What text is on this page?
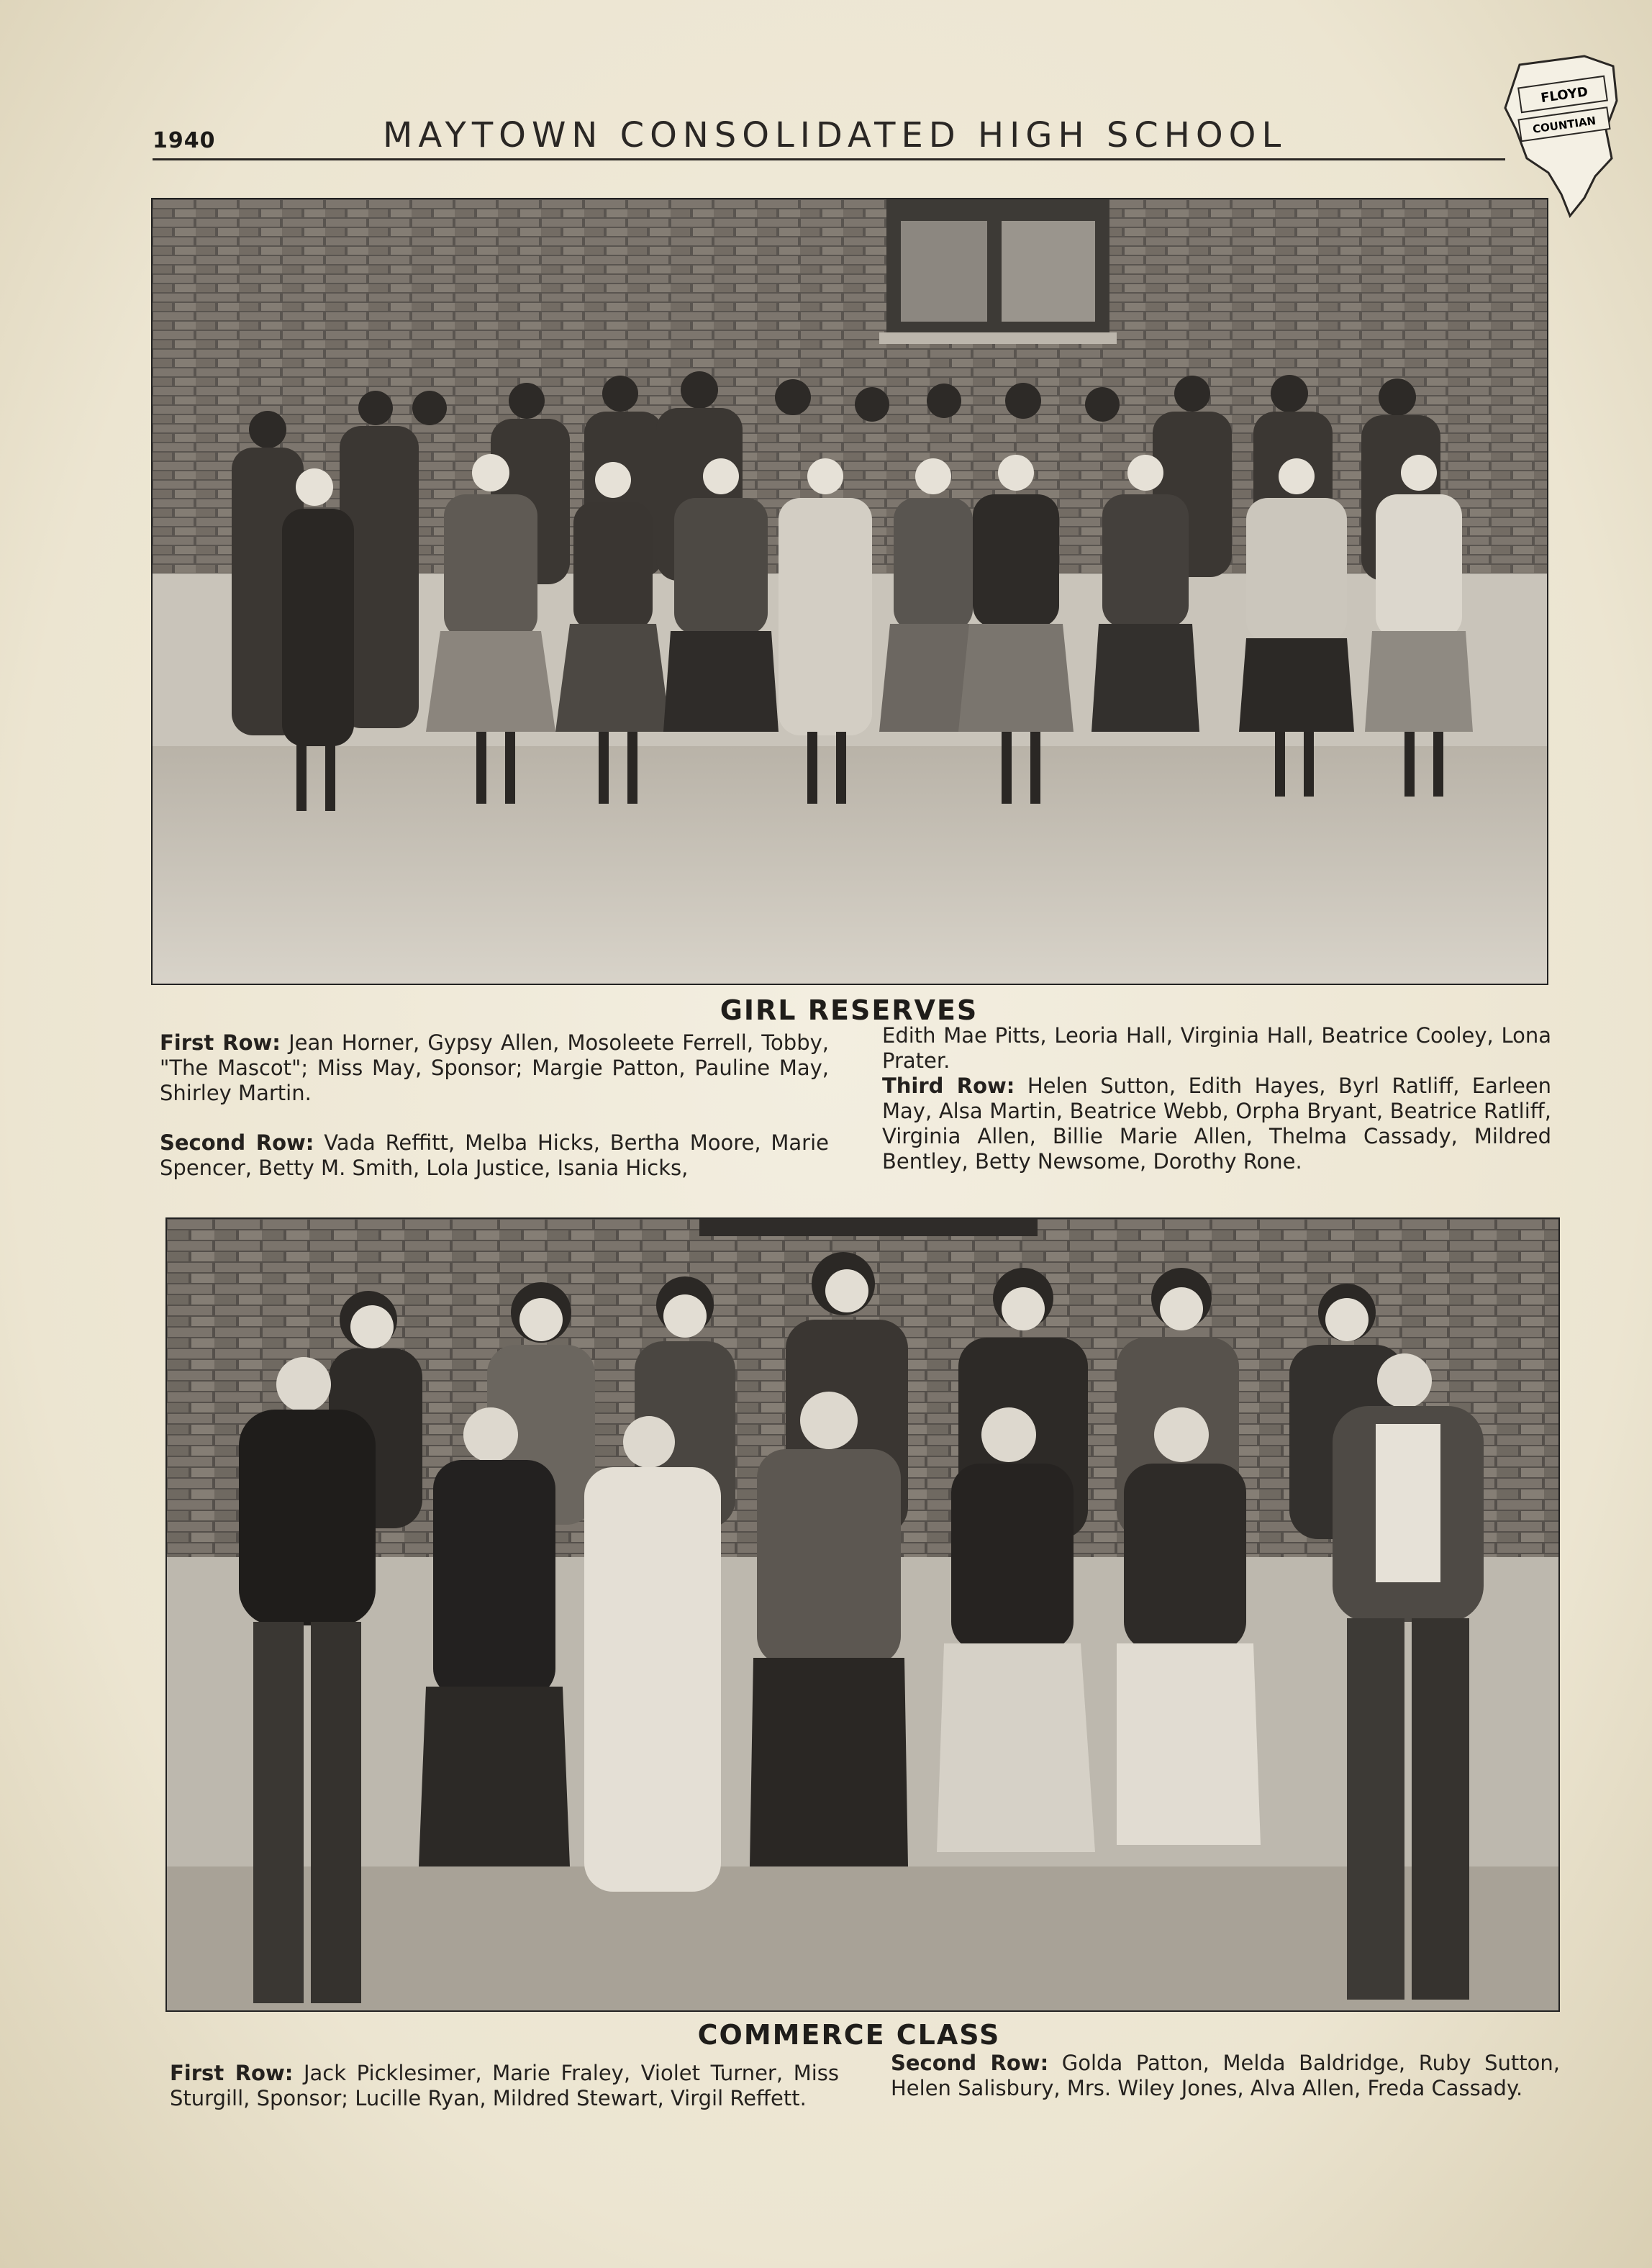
1940	MAYTOWN CONSOLIDATED HIGH SCHOOL
FLOYD
COUNTIAN
GIRL RESERVES

First Row: Jean Horner, Gypsy Allen, Mosoleete Ferrell, Tobby, "The Mascot"; Miss May, Sponsor; Margie Patton, Pauline May, Shirley Martin.

Second Row: Vada Reffitt, Melba Hicks, Bertha Moore, Marie Spencer, Betty M. Smith, Lola Justice, Isania Hicks,

Edith Mae Pitts, Leoria Hall, Virginia Hall, Beatrice Cooley, Lona Prater.

Third Row: Helen Sutton, Edith Hayes, Byrl Ratliff, Earleen May, Alsa Martin, Beatrice Webb, Orpha Bryant, Beatrice Ratliff, Virginia Allen, Billie Marie Allen, Thelma Cassady, Mildred Bentley, Betty Newsome, Dorothy Rone.

COMMERCE CLASS

First Row: Jack Picklesimer, Marie Fraley, Violet Turner, Miss Sturgill, Sponsor; Lucille Ryan, Mildred Stewart, Virgil Reffett.

Second Row: Golda Patton, Melda Baldridge, Ruby Sutton, Helen Salisbury, Mrs. Wiley Jones, Alva Allen, Freda Cassady.
